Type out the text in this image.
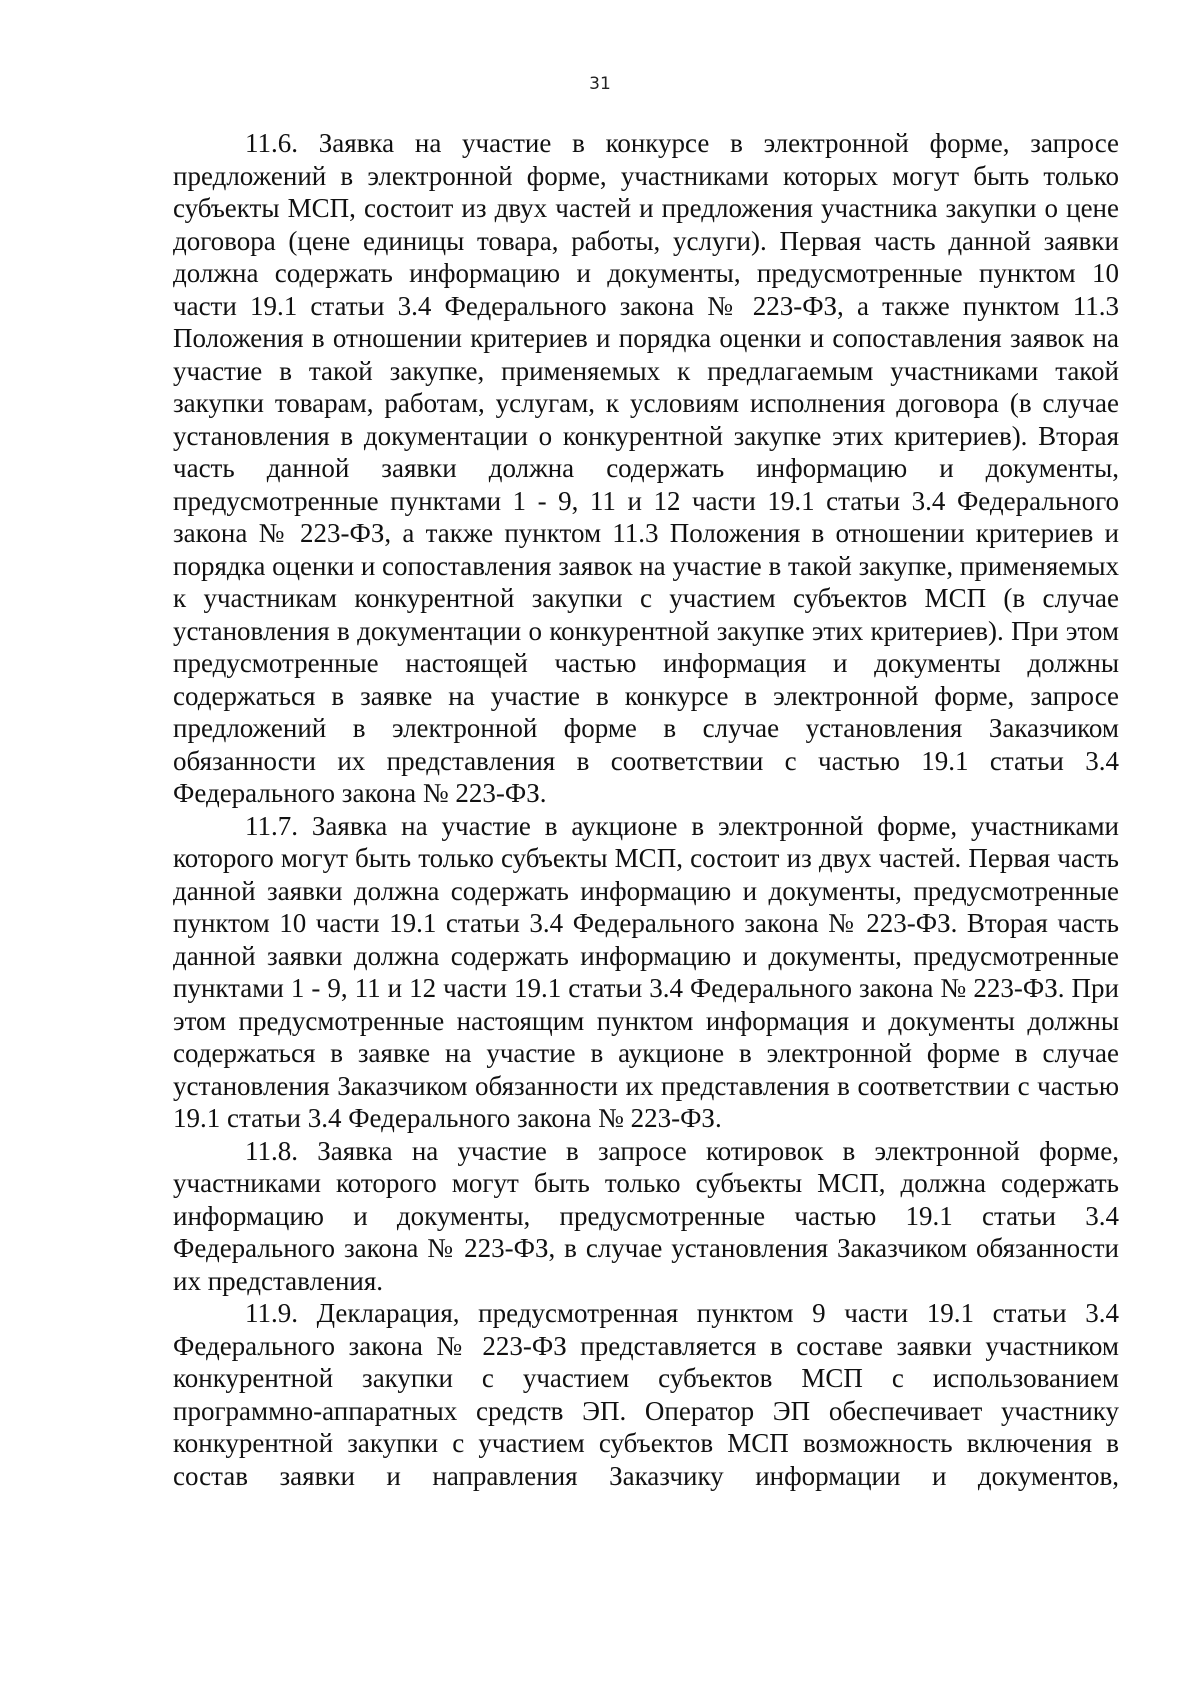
31

11.6. Заявка на участие в конкурсе в электронной форме, запросе предложений в электронной форме, участниками которых могут быть только субъекты МСП, состоит из двух частей и предложения участника закупки о цене договора (цене единицы товара, работы, услуги). Первая часть данной заявки должна содержать информацию и документы, предусмотренные пунктом 10 части 19.1 статьи 3.4 Федерального закона № 223-ФЗ, а также пунктом 11.3 Положения в отношении критериев и порядка оценки и сопоставления заявок на участие в такой закупке, применяемых к предлагаемым участниками такой закупки товарам, работам, услугам, к условиям исполнения договора (в случае установления в документации о конкурентной закупке этих критериев). Вторая часть данной заявки должна содержать информацию и документы, предусмотренные пунктами 1 - 9, 11 и 12 части 19.1 статьи 3.4 Федерального закона № 223-ФЗ, а также пунктом 11.3 Положения в отношении критериев и порядка оценки и сопоставления заявок на участие в такой закупке, применяемых к участникам конкурентной закупки с участием субъектов МСП (в случае установления в документации о конкурентной закупке этих критериев). При этом предусмотренные настоящей частью информация и документы должны содержаться в заявке на участие в конкурсе в электронной форме, запросе предложений в электронной форме в случае установления Заказчиком обязанности их представления в соответствии с частью 19.1 статьи 3.4 Федерального закона № 223-ФЗ.

11.7. Заявка на участие в аукционе в электронной форме, участниками которого могут быть только субъекты МСП, состоит из двух частей. Первая часть данной заявки должна содержать информацию и документы, предусмотренные пунктом 10 части 19.1 статьи 3.4 Федерального закона № 223-ФЗ. Вторая часть данной заявки должна содержать информацию и документы, предусмотренные пунктами 1 - 9, 11 и 12 части 19.1 статьи 3.4 Федерального закона № 223-ФЗ. При этом предусмотренные настоящим пунктом информация и документы должны содержаться в заявке на участие в аукционе в электронной форме в случае установления Заказчиком обязанности их представления в соответствии с частью 19.1 статьи 3.4 Федерального закона № 223-ФЗ.

11.8. Заявка на участие в запросе котировок в электронной форме, участниками которого могут быть только субъекты МСП, должна содержать информацию и документы, предусмотренные частью 19.1 статьи 3.4 Федерального закона № 223-ФЗ, в случае установления Заказчиком обязанности их представления.

11.9. Декларация, предусмотренная пунктом 9 части 19.1 статьи 3.4 Федерального закона № 223-ФЗ представляется в составе заявки участником конкурентной закупки с участием субъектов МСП с использованием программно-аппаратных средств ЭП. Оператор ЭП обеспечивает участнику конкурентной закупки с участием субъектов МСП возможность включения в состав заявки и направления Заказчику информации и документов,
